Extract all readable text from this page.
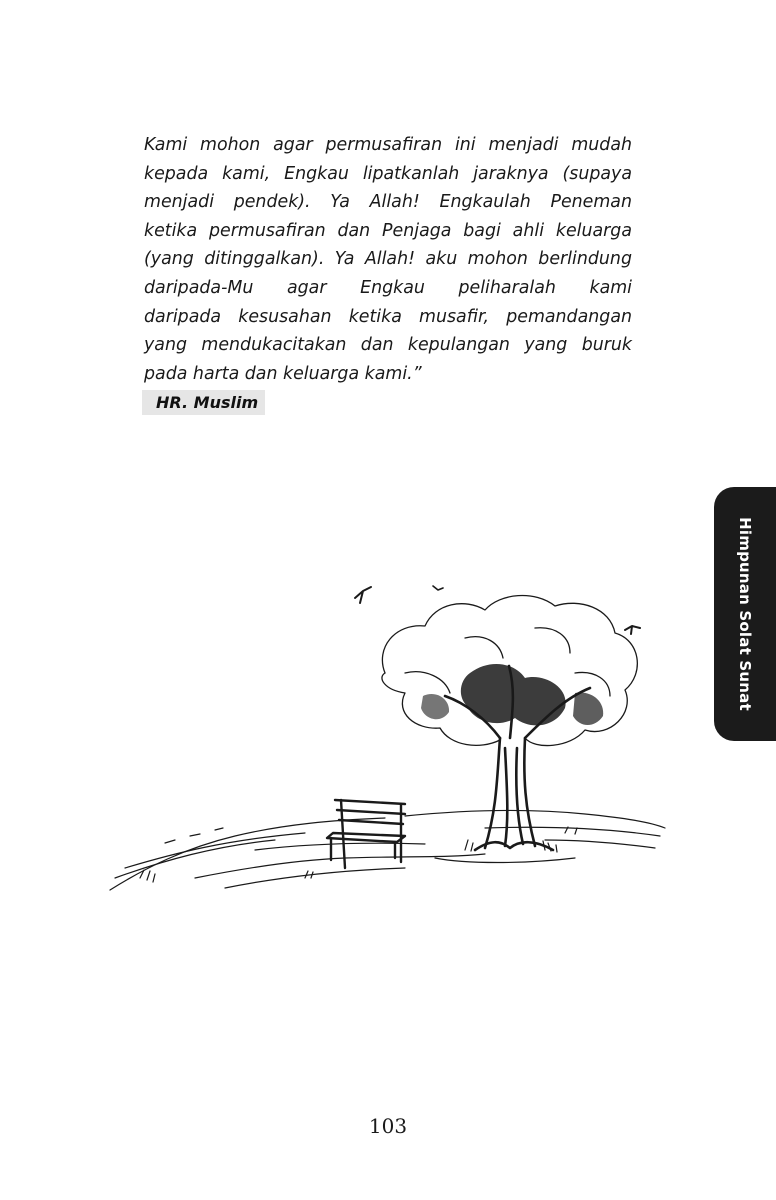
Kami mohon agar permusafiran ini menjadi mudah
kepada kami, Engkau lipatkanlah jaraknya (supaya
menjadi pendek). Ya Allah! Engkaulah Peneman
ketika permusafiran dan Penjaga bagi ahli keluarga
(yang ditinggalkan). Ya Allah! aku mohon berlindung
daripada-Mu agar Engkau peliharalah kami
daripada kesusahan ketika musafir, pemandangan
yang mendukacitakan dan kepulangan yang buruk
pada harta dan keluarga kami.”
HR. Muslim
Himpunan Solat Sunat
103
